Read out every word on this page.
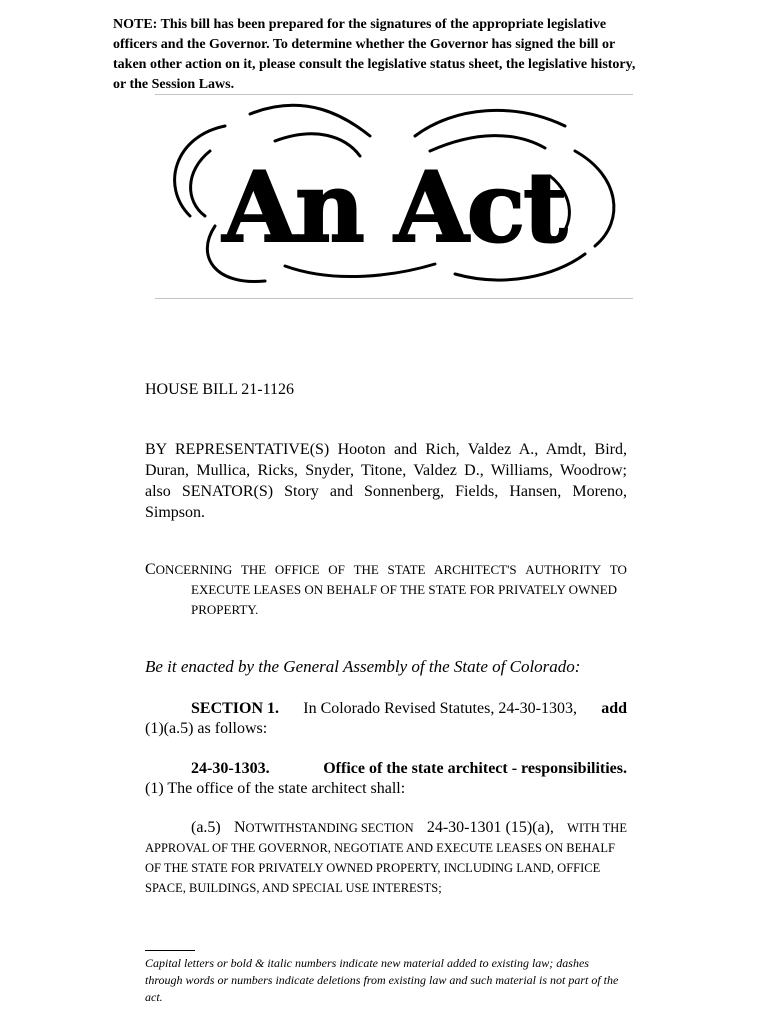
NOTE: This bill has been prepared for the signatures of the appropriate legislative officers and the Governor. To determine whether the Governor has signed the bill or taken other action on it, please consult the legislative status sheet, the legislative history, or the Session Laws.
An Act
HOUSE BILL 21-1126
BY REPRESENTATIVE(S) Hooton and Rich, Valdez A., Amdt, Bird, Duran, Mullica, Ricks, Snyder, Titone, Valdez D., Williams, Woodrow; also SENATOR(S) Story and Sonnenberg, Fields, Hansen, Moreno, Simpson.
CONCERNING THE OFFICE OF THE STATE ARCHITECT'S AUTHORITY TO
EXECUTE LEASES ON BEHALF OF THE STATE FOR PRIVATELY OWNED
PROPERTY.
Be it enacted by the General Assembly of the State of Colorado:
SECTION 1. In Colorado Revised Statutes, 24-30-1303, add
(1)(a.5) as follows:
24-30-1303.	Office of the state architect - responsibilities.
(1) The office of the state architect shall:
(a.5) NOTWITHSTANDING SECTION 24-30-1301 (15)(a), WITH THE
APPROVAL OF THE GOVERNOR, NEGOTIATE AND EXECUTE LEASES ON BEHALF
OF THE STATE FOR PRIVATELY OWNED PROPERTY, INCLUDING LAND, OFFICE
SPACE, BUILDINGS, AND SPECIAL USE INTERESTS;
Capital letters or bold & italic numbers indicate new material added to existing law; dashes through words or numbers indicate deletions from existing law and such material is not part of the act.
